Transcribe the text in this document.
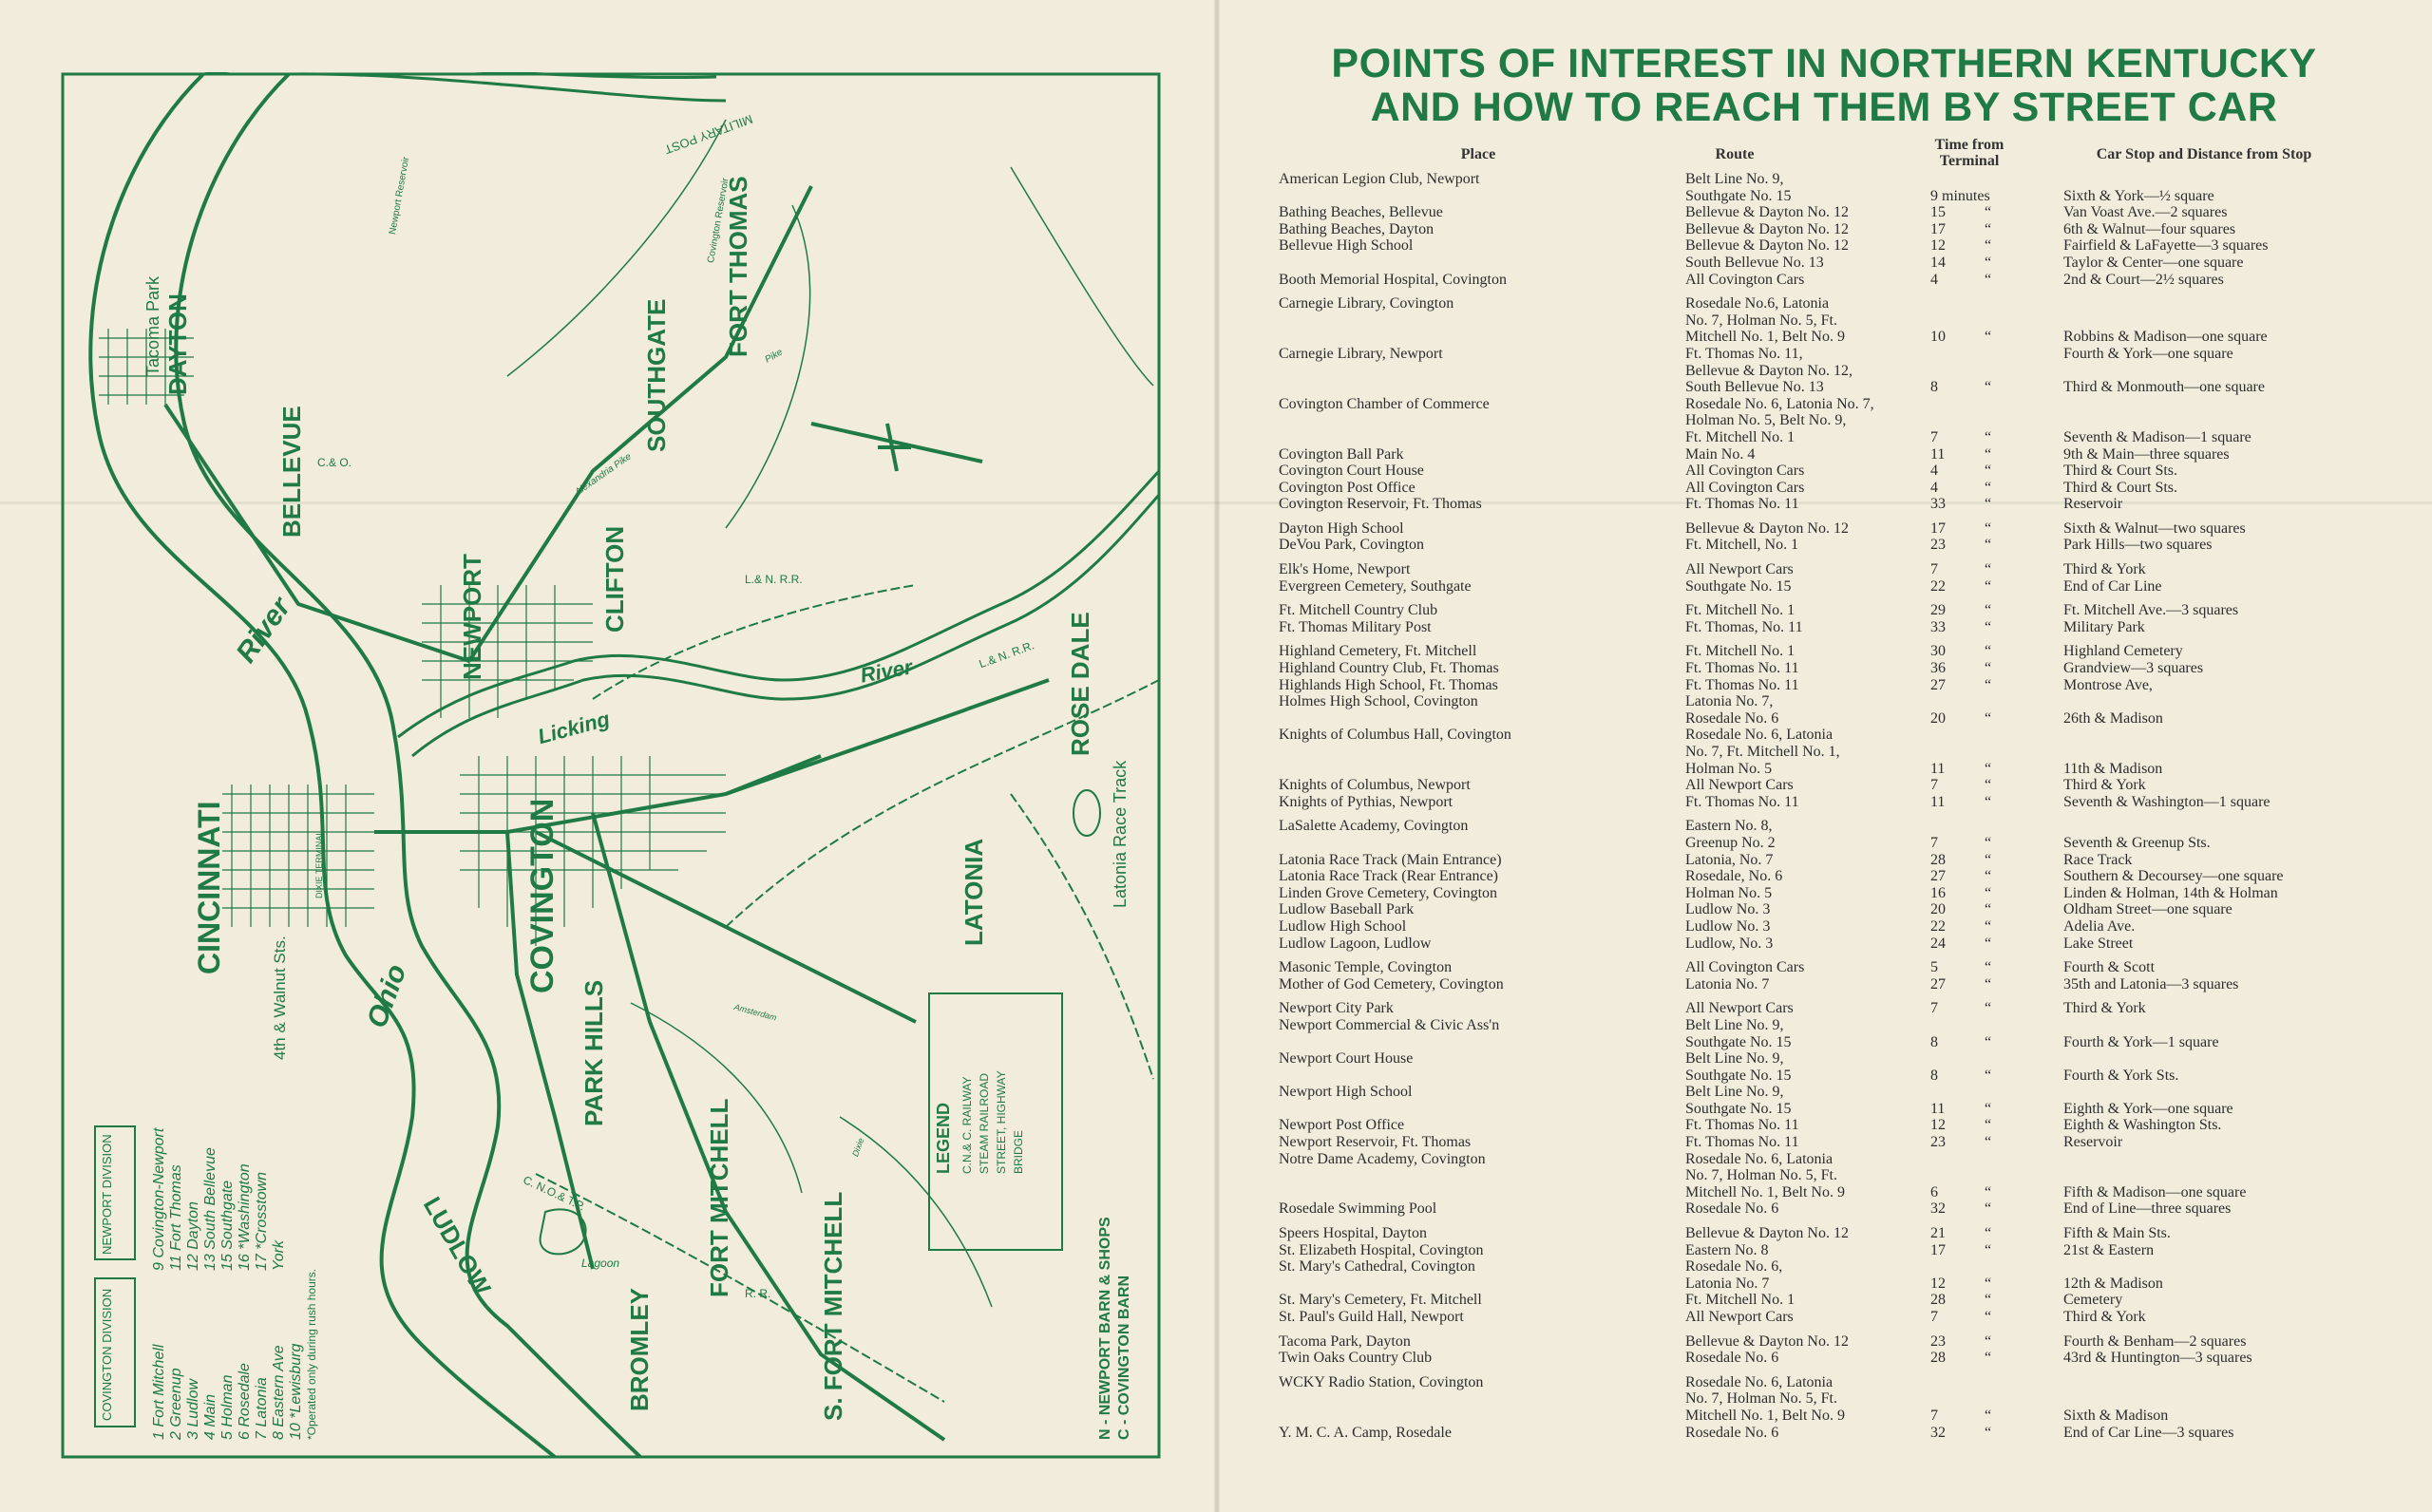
CINCINNATI	COVINGTON
NEWPORT
BELLEVUE
DAYTON
CLIFTON
SOUTHGATE
FORT THOMAS
LATONIA
ROSE DALE
PARK HILLS
FORT MITCHELL	S. FORT MITCHELL
LUDLOW
BROMLEY
Ohio
River
Licking
River
Tacoma Park
MILITARY POST
Latonia Race Track
4th & Walnut Sts.
Lagoon
L.& N. R.R.
L.& N. R.R.
C.& O.
C. N.O.& T.P.
R. R.
Alexandria Pike
Pike
Newport Reservoir	Covington Reservoir
DIXIE TERMINAL
Dixie
Amsterdam
LEGEND C.N.& C. RAILWAY STEAM RAILROAD STREET, HIGHWAY BRIDGE
COVINGTON DIVISION
NEWPORT DIVISION
1 Fort Mitchell 2 Greenup 3 Ludlow 4 Main 5 Holman 6 Rosedale 7 Latonia 8 Eastern Ave 10 *Lewisburg
9 Covington-Newport 11 Fort Thomas 12 Dayton 13 South Bellevue 15 Southgate 16 *Washington 17 *Crosstown York
*Operated only during rush hours.	N - NEWPORT BARN & SHOPS C - COVINGTON BARN
POINTS OF INTEREST IN NORTHERN KENTUCKY
AND HOW TO REACH THEM BY STREET CAR
Place	Route
Time from Terminal	Car Stop and Distance from Stop
American Legion Club, Newport	Belt Line No. 9,
Southgate No. 15	9 minutes	Sixth & York—½ square
Bathing Beaches, Bellevue	Bellevue & Dayton No. 12	15	“	Van Voast Ave.—2 squares
Bathing Beaches, Dayton	Bellevue & Dayton No. 12	17	“	6th & Walnut—four squares
Bellevue High School	Bellevue & Dayton No. 12	12	“	Fairfield & LaFayette—3 squares
South Bellevue No. 13	14	“	Taylor & Center—one square
Booth Memorial Hospital, Covington	All Covington Cars	4	“	2nd & Court—2½ squares
Carnegie Library, Covington	Rosedale No.6, Latonia
No. 7, Holman No. 5, Ft.
Mitchell No. 1, Belt No. 9	10	“	Robbins & Madison—one square
Carnegie Library, Newport	Ft. Thomas No. 11,	Fourth & York—one square
Bellevue & Dayton No. 12,
South Bellevue No. 13	8	“	Third & Monmouth—one square
Covington Chamber of Commerce	Rosedale No. 6, Latonia No. 7,
Holman No. 5, Belt No. 9,
Ft. Mitchell No. 1	7	“	Seventh & Madison—1 square
Covington Ball Park	Main No. 4	11	“	9th & Main—three squares
Covington Court House	All Covington Cars	4	“	Third & Court Sts.
Covington Post Office	All Covington Cars	4	“	Third & Court Sts.
Covington Reservoir, Ft. Thomas	Ft. Thomas No. 11	33	“	Reservoir
Dayton High School	Bellevue & Dayton No. 12	17	“	Sixth & Walnut—two squares
DeVou Park, Covington	Ft. Mitchell, No. 1	23	“	Park Hills—two squares
Elk's Home, Newport	All Newport Cars	7	“	Third & York
Evergreen Cemetery, Southgate	Southgate No. 15	22	“	End of Car Line
Ft. Mitchell Country Club	Ft. Mitchell No. 1	29	“	Ft. Mitchell Ave.—3 squares
Ft. Thomas Military Post	Ft. Thomas, No. 11	33	“	Military Park
Highland Cemetery, Ft. Mitchell	Ft. Mitchell No. 1	30	“	Highland Cemetery
Highland Country Club, Ft. Thomas	Ft. Thomas No. 11	36	“	Grandview—3 squares
Highlands High School, Ft. Thomas	Ft. Thomas No. 11	27	“	Montrose Ave,
Holmes High School, Covington	Latonia No. 7,
Rosedale No. 6	20	“	26th & Madison
Knights of Columbus Hall, Covington	Rosedale No. 6, Latonia
No. 7, Ft. Mitchell No. 1,
Holman No. 5	11	“	11th & Madison
Knights of Columbus, Newport	All Newport Cars	7	“	Third & York
Knights of Pythias, Newport	Ft. Thomas No. 11	11	“	Seventh & Washington—1 square
LaSalette Academy, Covington	Eastern No. 8,
Greenup No. 2	7	“	Seventh & Greenup Sts.
Latonia Race Track (Main Entrance)	Latonia, No. 7	28	“	Race Track
Latonia Race Track (Rear Entrance)	Rosedale, No. 6	27	“	Southern & Decoursey—one square
Linden Grove Cemetery, Covington	Holman No. 5	16	“	Linden & Holman, 14th & Holman
Ludlow Baseball Park	Ludlow No. 3	20	“	Oldham Street—one square
Ludlow High School	Ludlow No. 3	22	“	Adelia Ave.
Ludlow Lagoon, Ludlow	Ludlow, No. 3	24	“	Lake Street
Masonic Temple, Covington	All Covington Cars	5	“	Fourth & Scott
Mother of God Cemetery, Covington	Latonia No. 7	27	“	35th and Latonia—3 squares
Newport City Park	All Newport Cars	7	“	Third & York
Newport Commercial & Civic Ass'n	Belt Line No. 9,
Southgate No. 15	8	“	Fourth & York—1 square
Newport Court House	Belt Line No. 9,
Southgate No. 15	8	“	Fourth & York Sts.
Newport High School	Belt Line No. 9,
Southgate No. 15	11	“	Eighth & York—one square
Newport Post Office	Ft. Thomas No. 11	12	“	Eighth & Washington Sts.
Newport Reservoir, Ft. Thomas	Ft. Thomas No. 11	23	“	Reservoir
Notre Dame Academy, Covington	Rosedale No. 6, Latonia
No. 7, Holman No. 5, Ft.
Mitchell No. 1, Belt No. 9	6	“	Fifth & Madison—one square
Rosedale Swimming Pool	Rosedale No. 6	32	“	End of Line—three squares
Speers Hospital, Dayton	Bellevue & Dayton No. 12	21	“	Fifth & Main Sts.
St. Elizabeth Hospital, Covington	Eastern No. 8	17	“	21st & Eastern
St. Mary's Cathedral, Covington	Rosedale No. 6,
Latonia No. 7	12	“	12th & Madison
St. Mary's Cemetery, Ft. Mitchell	Ft. Mitchell No. 1	28	“	Cemetery
St. Paul's Guild Hall, Newport	All Newport Cars	7	“	Third & York
Tacoma Park, Dayton	Bellevue & Dayton No. 12	23	“	Fourth & Benham—2 squares
Twin Oaks Country Club	Rosedale No. 6	28	“	43rd & Huntington—3 squares
WCKY Radio Station, Covington	Rosedale No. 6, Latonia
No. 7, Holman No. 5, Ft.
Mitchell No. 1, Belt No. 9	7	“	Sixth & Madison
Y. M. C. A. Camp, Rosedale	Rosedale No. 6	32	“	End of Car Line—3 squares
